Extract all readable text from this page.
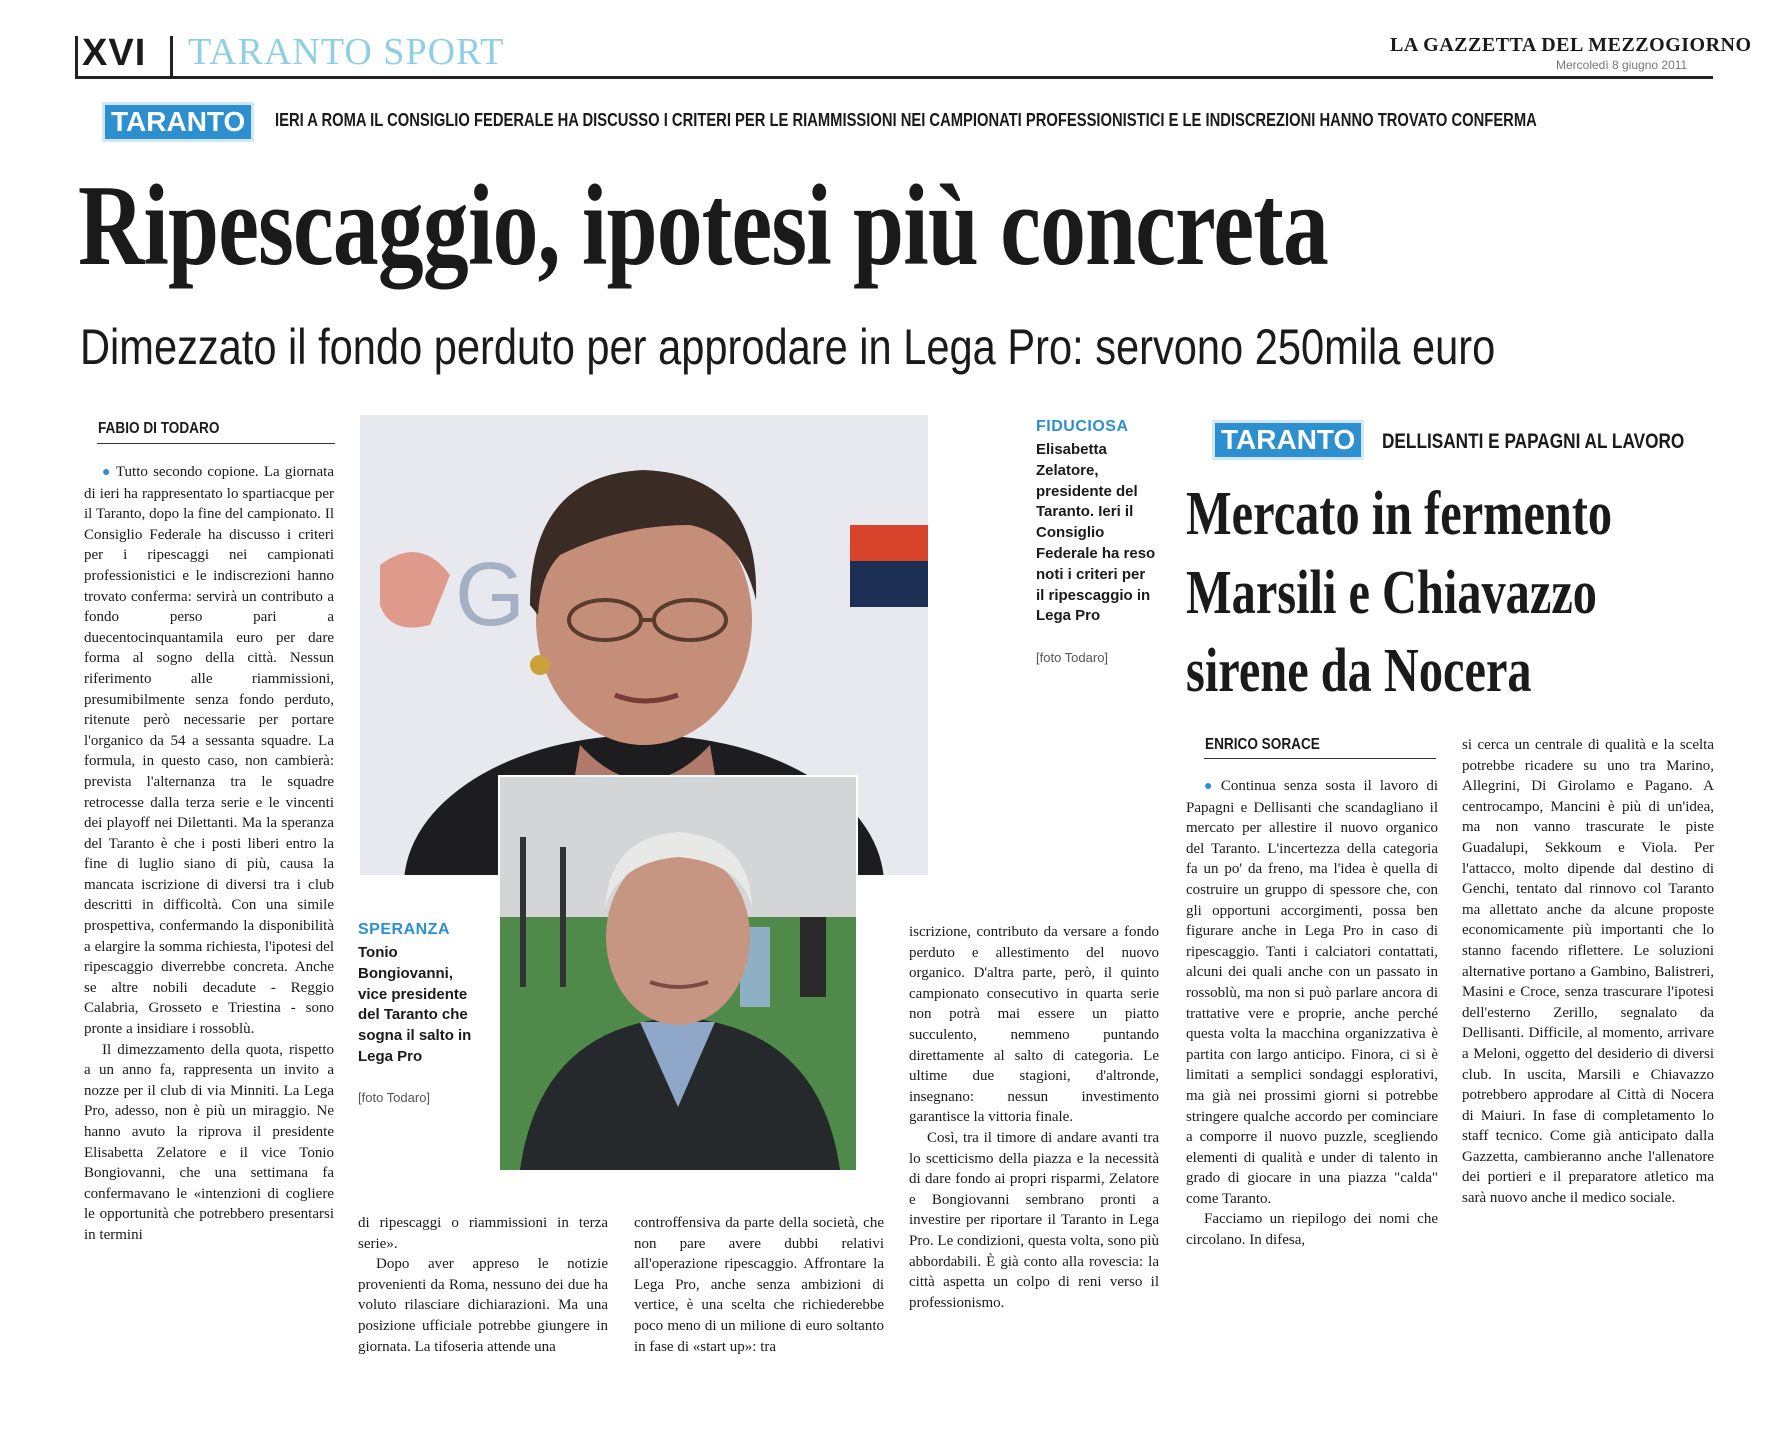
XVI TARANTO SPORT	LA GAZZETTA DEL MEZZOGIORNO
Mercoledì 8 giugno 2011
TARANTO	IERI A ROMA IL CONSIGLIO FEDERALE HA DISCUSSO I CRITERI PER LE RIAMMISSIONI NEI CAMPIONATI PROFESSIONISTICI E LE INDISCREZIONI HANNO TROVATO CONFERMA
Ripescaggio, ipotesi più concreta
Dimezzato il fondo perduto per approdare in Lega Pro: servono 250mila euro
FABIO DI TODARO

● Tutto secondo copione. La giornata di ieri ha rappresentato lo spartiacque per il Taranto, dopo la fine del campionato. Il Consiglio Federale ha discusso i criteri per i ripescaggi nei campionati professionistici e le indiscrezioni hanno trovato conferma: servirà un contributo a fondo perso pari a duecentocinquantamila euro per dare forma al sogno della città. Nessun riferimento alle riammissioni, presumibilmente senza fondo perduto, ritenute però necessarie per portare l'organico da 54 a sessanta squadre. La formula, in questo caso, non cambierà: prevista l'alternanza tra le squadre retrocesse dalla terza serie e le vincenti dei playoff nei Dilettanti. Ma la speranza del Taranto è che i posti liberi entro la fine di luglio siano di più, causa la mancata iscrizione di diversi tra i club descritti in difficoltà. Con una simile prospettiva, confermando la disponibilità a elargire la somma richiesta, l'ipotesi del ripescaggio diverrebbe concreta. Anche se altre nobili decadute - Reggio Calabria, Grosseto e Triestina - sono pronte a insidiare i rossoblù.

Il dimezzamento della quota, rispetto a un anno fa, rappresenta un invito a nozze per il club di via Minniti. La Lega Pro, adesso, non è più un miraggio. Ne hanno avuto la riprova il presidente Elisabetta Zelatore e il vice Tonio Bongiovanni, che una settimana fa confermavano le «intenzioni di cogliere le opportunità che potrebbero presentarsi in termini

G
FIDUCIOSA
Elisabetta Zelatore, presidente del Taranto. Ieri il Consiglio Federale ha reso noti i criteri per il ripescaggio in Lega Pro
[foto Todaro]
SPERANZA
Tonio Bongiovanni, vice presidente del Taranto che sogna il salto in Lega Pro
[foto Todaro]

di ripescaggi o riammissioni in terza serie».

Dopo aver appreso le notizie provenienti da Roma, nessuno dei due ha voluto rilasciare dichiarazioni. Ma una posizione ufficiale potrebbe giungere in giornata. La tifoseria attende una

controffensiva da parte della società, che non pare avere dubbi relativi all'operazione ripescaggio. Affrontare la Lega Pro, anche senza ambizioni di vertice, è una scelta che richiederebbe poco meno di un milione di euro soltanto in fase di «start up»: tra

iscrizione, contributo da versare a fondo perduto e allestimento del nuovo organico. D'altra parte, però, il quinto campionato consecutivo in quarta serie non potrà mai essere un piatto succulento, nemmeno puntando direttamente al salto di categoria. Le ultime due stagioni, d'altronde, insegnano: nessun investimento garantisce la vittoria finale.

Così, tra il timore di andare avanti tra lo scetticismo della piazza e la necessità di dare fondo ai propri risparmi, Zelatore e Bongiovanni sembrano pronti a investire per riportare il Taranto in Lega Pro. Le condizioni, questa volta, sono più abbordabili. È già conto alla rovescia: la città aspetta un colpo di reni verso il professionismo.

TARANTO	DELLISANTI E PAPAGNI AL LAVORO
Mercato in fermento
Marsili e Chiavazzo
sirene da Nocera
ENRICO SORACE

● Continua senza sosta il lavoro di Papagni e Dellisanti che scandagliano il mercato per allestire il nuovo organico del Taranto. L'incertezza della categoria fa un po' da freno, ma l'idea è quella di costruire un gruppo di spessore che, con gli opportuni accorgimenti, possa ben figurare anche in Lega Pro in caso di ripescaggio. Tanti i calciatori contattati, alcuni dei quali anche con un passato in rossoblù, ma non si può parlare ancora di trattative vere e proprie, anche perché questa volta la macchina organizzativa è partita con largo anticipo. Finora, ci si è limitati a semplici sondaggi esplorativi, ma già nei prossimi giorni si potrebbe stringere qualche accordo per cominciare a comporre il nuovo puzzle, scegliendo elementi di qualità e under di talento in grado di giocare in una piazza "calda" come Taranto.

Facciamo un riepilogo dei nomi che circolano. In difesa,

si cerca un centrale di qualità e la scelta potrebbe ricadere su uno tra Marino, Allegrini, Di Girolamo e Pagano. A centrocampo, Mancini è più di un'idea, ma non vanno trascurate le piste Guadalupi, Sekkoum e Viola. Per l'attacco, molto dipende dal destino di Genchi, tentato dal rinnovo col Taranto ma allettato anche da alcune proposte economicamente più importanti che lo stanno facendo riflettere. Le soluzioni alternative portano a Gambino, Balistreri, Masini e Croce, senza trascurare l'ipotesi dell'esterno Zerillo, segnalato da Dellisanti. Difficile, al momento, arrivare a Meloni, oggetto del desiderio di diversi club. In uscita, Marsili e Chiavazzo potrebbero approdare al Città di Nocera di Maiuri. In fase di completamento lo staff tecnico. Come già anticipato dalla Gazzetta, cambieranno anche l'allenatore dei portieri e il preparatore atletico ma sarà nuovo anche il medico sociale.
